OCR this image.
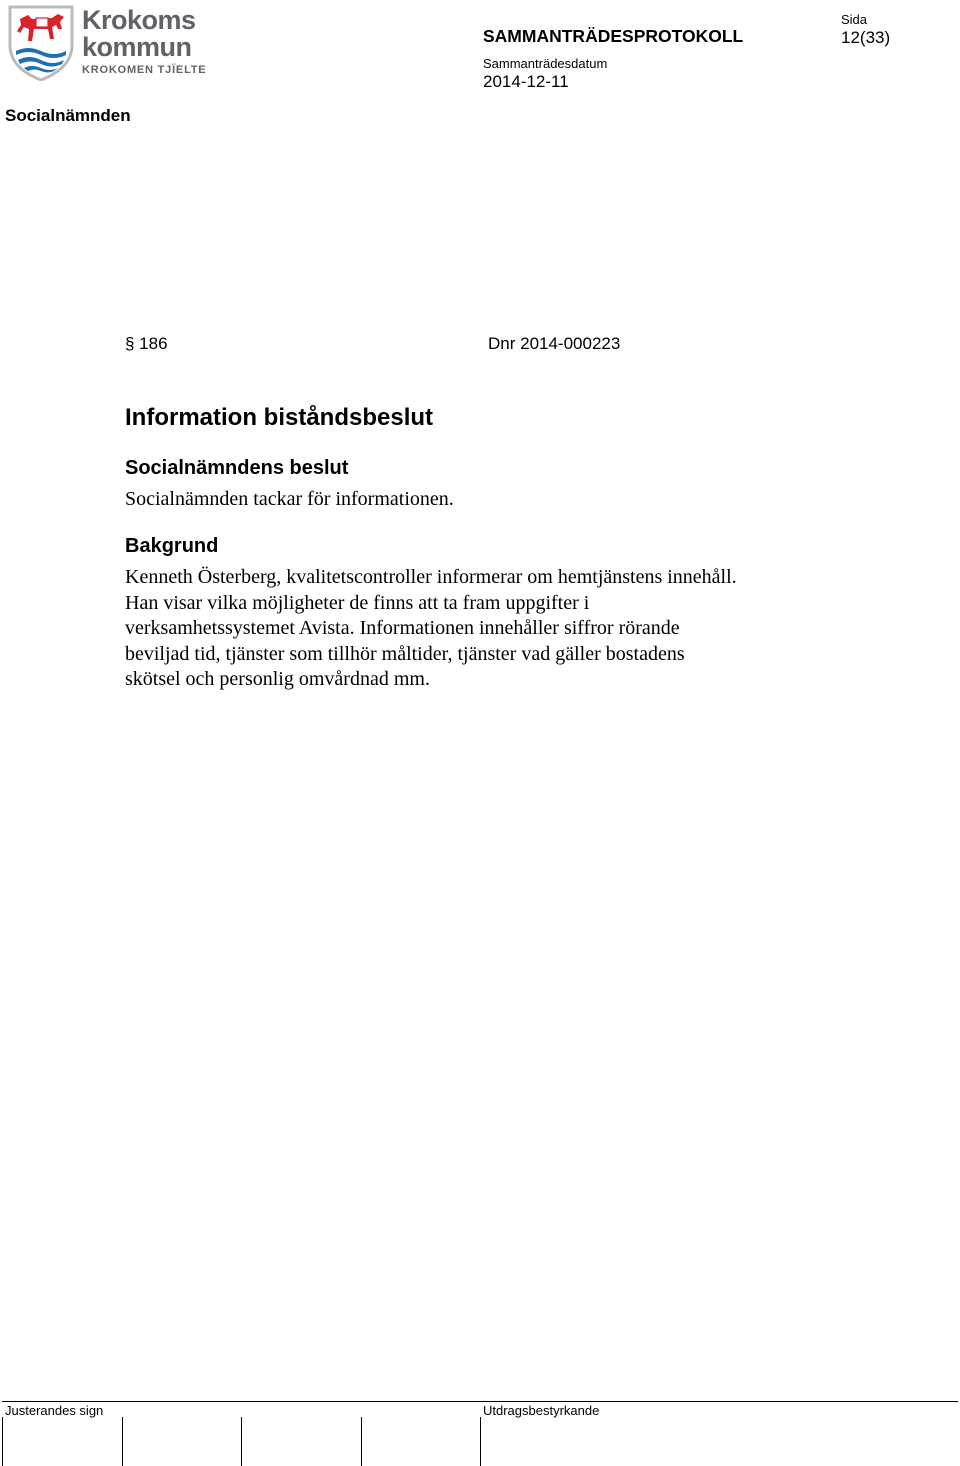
Krokoms
kommun
KROKOMEN TJÏELTE
SAMMANTRÄDESPROTOKOLL
Sammanträdesdatum
2014-12-11
Sida
12(33)
Socialnämnden
§ 186	Dnr 2014-000223
Information biståndsbeslut
Socialnämndens beslut
Socialnämnden tackar för informationen.
Bakgrund
Kenneth Österberg, kvalitetscontroller informerar om hemtjänstens innehåll.
Han visar vilka möjligheter de finns att ta fram uppgifter i
verksamhetssystemet Avista. Informationen innehåller siffror rörande
beviljad tid, tjänster som tillhör måltider, tjänster vad gäller bostadens
skötsel och personlig omvårdnad mm.
Justerandes sign	Utdragsbestyrkande
